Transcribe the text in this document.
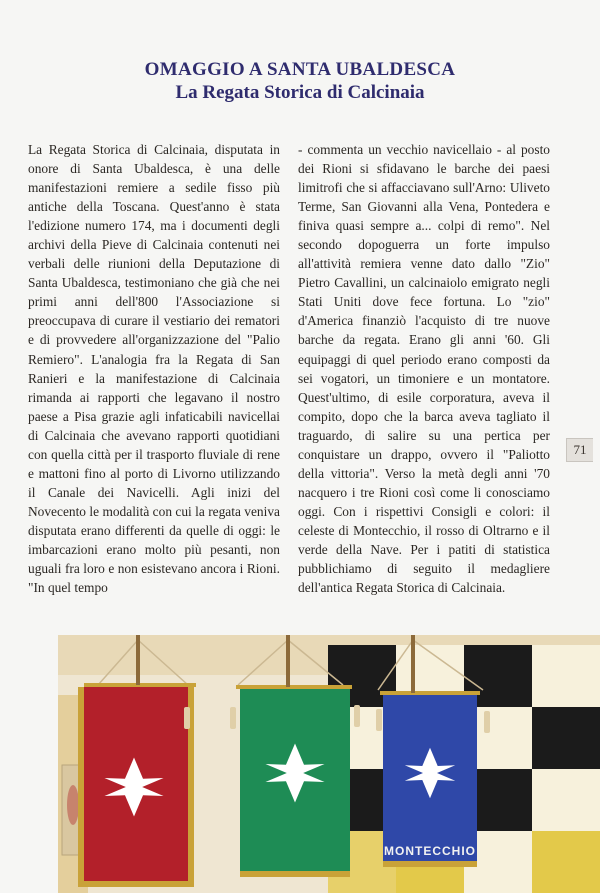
OMAGGIO A SANTA UBALDESCA
La Regata Storica di Calcinaia

La Regata Storica di Calcinaia, disputata in onore di Santa Ubaldesca, è una delle manifestazioni remiere a sedile fisso più antiche della Toscana. Quest'anno è stata l'edizione numero 174, ma i documenti degli archivi della Pieve di Calcinaia contenuti nei verbali delle riunioni della Deputazione di Santa Ubaldesca, testimoniano che già che nei primi anni dell'800 l'Associazione si preoccupava di curare il vestiario dei rematori e di provvedere all'organizzazione del "Palio Remiero". L'analogia fra la Regata di San Ranieri e la manifestazione di Calcinaia rimanda ai rapporti che legavano il nostro paese a Pisa grazie agli infaticabili navicellai di Calcinaia che avevano rapporti quotidiani con quella città per il trasporto fluviale di rene e mattoni fino al porto di Livorno utilizzando il Canale dei Navicelli. Agli inizi del Novecento le modalità con cui la regata veniva disputata erano differenti da quelle di oggi: le imbarcazioni erano molto più pesanti, non uguali fra loro e non esistevano ancora i Rioni. "In quel tempo

- commenta un vecchio navicellaio - al posto dei Rioni si sfidavano le barche dei paesi limitrofi che si affacciavano sull'Arno: Uliveto Terme, San Giovanni alla Vena, Pontedera e finiva quasi sempre a... colpi di remo". Nel secondo dopoguerra un forte impulso all'attività remiera venne dato dallo "Zio" Pietro Cavallini, un calcinaiolo emigrato negli Stati Uniti dove fece fortuna. Lo "zio" d'America finanziò l'acquisto di tre nuove barche da regata. Erano gli anni '60. Gli equipaggi di quel periodo erano composti da sei vogatori, un timoniere e un montatore. Quest'ultimo, di esile corporatura, aveva il compito, dopo che la barca aveva tagliato il traguardo, di salire su una pertica per conquistare un drappo, ovvero il "Paliotto della vittoria". Verso la metà degli anni '70 nacquero i tre Rioni così come li conosciamo oggi. Con i rispettivi Consigli e colori: il celeste di Montecchio, il rosso di Oltrarno e il verde della Nave. Per i patiti di statistica pubblichiamo di seguito il medagliere dell'antica Regata Storica di Calcinaia.

71
MONTECCHIO
